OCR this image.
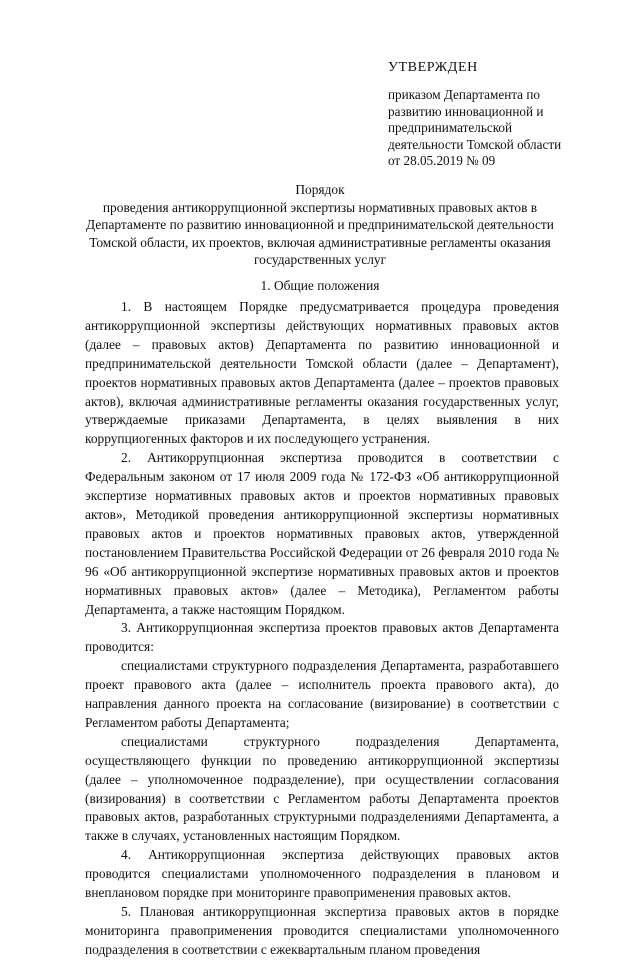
УТВЕРЖДЕН
приказом Департамента по
развитию инновационной и
предпринимательской
деятельности Томской области
от 28.05.2019 № 09
Порядок
проведения антикоррупционной экспертизы нормативных правовых актов в
Департаменте по развитию инновационной и предпринимательской деятельности
Томской области, их проектов, включая административные регламенты оказания
государственных услуг
1. Общие положения

1. В настоящем Порядке предусматривается процедура проведения антикоррупционной экспертизы действующих нормативных правовых актов (далее – правовых актов) Департамента по развитию инновационной и предпринимательской деятельности Томской области (далее – Департамент), проектов нормативных правовых актов Департамента (далее – проектов правовых актов), включая административные регламенты оказания государственных услуг, утверждаемые приказами Департамента, в целях выявления в них коррупциогенных факторов и их последующего устранения.

2. Антикоррупционная экспертиза проводится в соответствии с Федеральным законом от 17 июля 2009 года № 172-ФЗ «Об антикоррупционной экспертизе нормативных правовых актов и проектов нормативных правовых актов», Методикой проведения антикоррупционной экспертизы нормативных правовых актов и проектов нормативных правовых актов, утвержденной постановлением Правительства Российской Федерации от 26 февраля 2010 года № 96 «Об антикоррупционной экспертизе нормативных правовых актов и проектов нормативных правовых актов» (далее – Методика), Регламентом работы Департамента, а также настоящим Порядком.

3. Антикоррупционная экспертиза проектов правовых актов Департамента проводится:

специалистами структурного подразделения Департамента, разработавшего проект правового акта (далее – исполнитель проекта правового акта), до направления данного проекта на согласование (визирование) в соответствии с Регламентом работы Департамента;

специалистами структурного подразделения Департамента, осуществляющего функции по проведению антикоррупционной экспертизы (далее – уполномоченное подразделение), при осуществлении согласования (визирования) в соответствии с Регламентом работы Департамента проектов правовых актов, разработанных структурными подразделениями Департамента, а также в случаях, установленных настоящим Порядком.

4. Антикоррупционная экспертиза действующих правовых актов проводится специалистами уполномоченного подразделения в плановом и внеплановом порядке при мониторинге правоприменения правовых актов.

5. Плановая антикоррупционная экспертиза правовых актов в порядке мониторинга правоприменения проводится специалистами уполномоченного подразделения в соответствии с ежеквартальным планом проведения
